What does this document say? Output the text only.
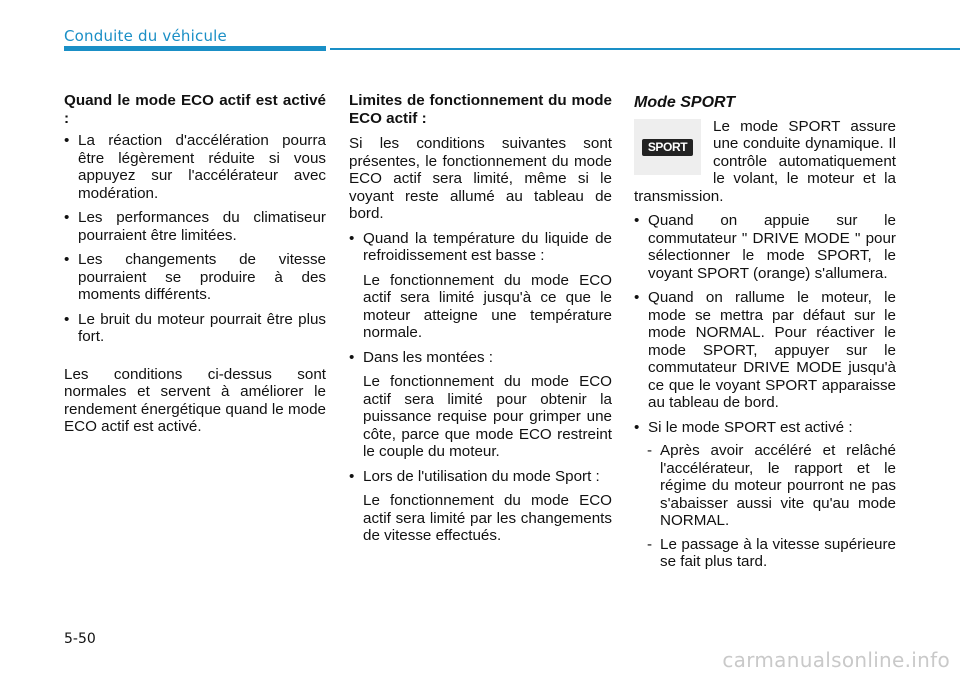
Conduite du véhicule

Quand le mode ECO actif est activé :

• La réaction d'accélération pourra être légèrement réduite si vous appuyez sur l'accélérateur avec modération.
• Les performances du climatiseur pourraient être limitées.
• Les changements de vitesse pourraient se produire à des moments différents.
• Le bruit du moteur pourrait être plus fort.

Les conditions ci-dessus sont normales et servent à améliorer le rendement énergétique quand le mode ECO actif est activé.

Limites de fonctionnement du mode ECO actif :

Si les conditions suivantes sont présentes, le fonctionnement du mode ECO actif sera limité, même si le voyant reste allumé au tableau de bord.

• Quand la température du liquide de refroidissement est basse :
Le fonctionnement du mode ECO actif sera limité jusqu'à ce que le moteur atteigne une température normale.
• Dans les montées :
Le fonctionnement du mode ECO actif sera limité pour obtenir la puissance requise pour grimper une côte, parce que mode ECO restreint le couple du moteur.
• Lors de l'utilisation du mode Sport :
Le fonctionnement du mode ECO actif sera limité par les changements de vitesse effectués.

Mode SPORT

SPORT
Le mode SPORT assure une conduite dynamique. Il contrôle automatiquement le volant, le moteur et la transmission.
• Quand on appuie sur le commutateur " DRIVE MODE " pour sélectionner le mode SPORT, le voyant SPORT (orange) s'allumera.
• Quand on rallume le moteur, le mode se mettra par défaut sur le mode NORMAL. Pour réactiver le mode SPORT, appuyer sur le commutateur DRIVE MODE jusqu'à ce que le voyant SPORT apparaisse au tableau de bord.
• Si le mode SPORT est activé :
- Après avoir accéléré et relâché l'accélérateur, le rapport et le régime du moteur pourront ne pas s'abaisser aussi vite qu'au mode NORMAL.
- Le passage à la vitesse supérieure se fait plus tard.
5-50
carmanualsonline.info
